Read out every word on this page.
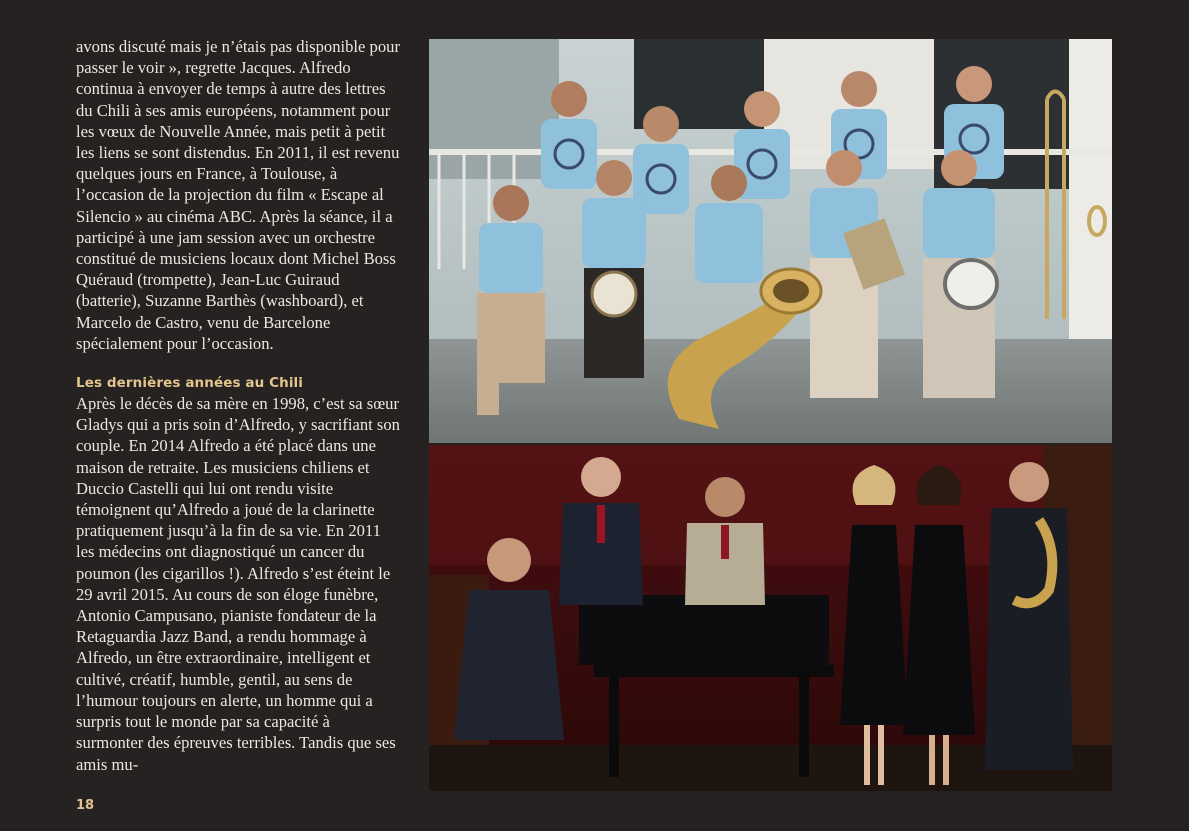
avons discuté mais je n’étais pas disponible pour passer le voir », regrette Jacques. Alfredo continua à envoyer de temps à autre des lettres du Chili à ses amis européens, notamment pour les vœux de Nouvelle Année, mais petit à petit les liens se sont distendus. En 2011, il est revenu quelques jours en France, à Toulouse, à l’occasion de la projection du film « Escape al Silencio » au cinéma ABC. Après la séance, il a participé à une jam session avec un orchestre constitué de musiciens locaux dont Michel Boss Quéraud (trompette), Jean-Luc Guiraud (batterie), Suzanne Barthès (washboard), et Marcelo de Castro, venu de Barcelone spécialement pour l’occasion.

Les dernières années au Chili

Après le décès de sa mère en 1998, c’est sa sœur Gladys qui a pris soin d’Alfredo, y sacrifiant son couple. En 2014 Alfredo a été placé dans une maison de retraite. Les musiciens chiliens et Duccio Castelli qui lui ont rendu visite témoignent qu’Alfredo a joué de la clarinette pratiquement jusqu’à la fin de sa vie. En 2011 les médecins ont diagnostiqué un cancer du poumon (les cigarillos !). Alfredo s’est éteint le 29 avril 2015. Au cours de son éloge funèbre, Antonio Campusano, pianiste fondateur de la Retaguardia Jazz Band, a rendu hommage à Alfredo, un être extraordinaire, intelligent et cultivé, créatif, humble, gentil, au sens de l’humour toujours en alerte, un homme qui a surpris tout le monde par sa capacité à surmonter des épreuves terribles. Tandis que ses amis mu-

18
